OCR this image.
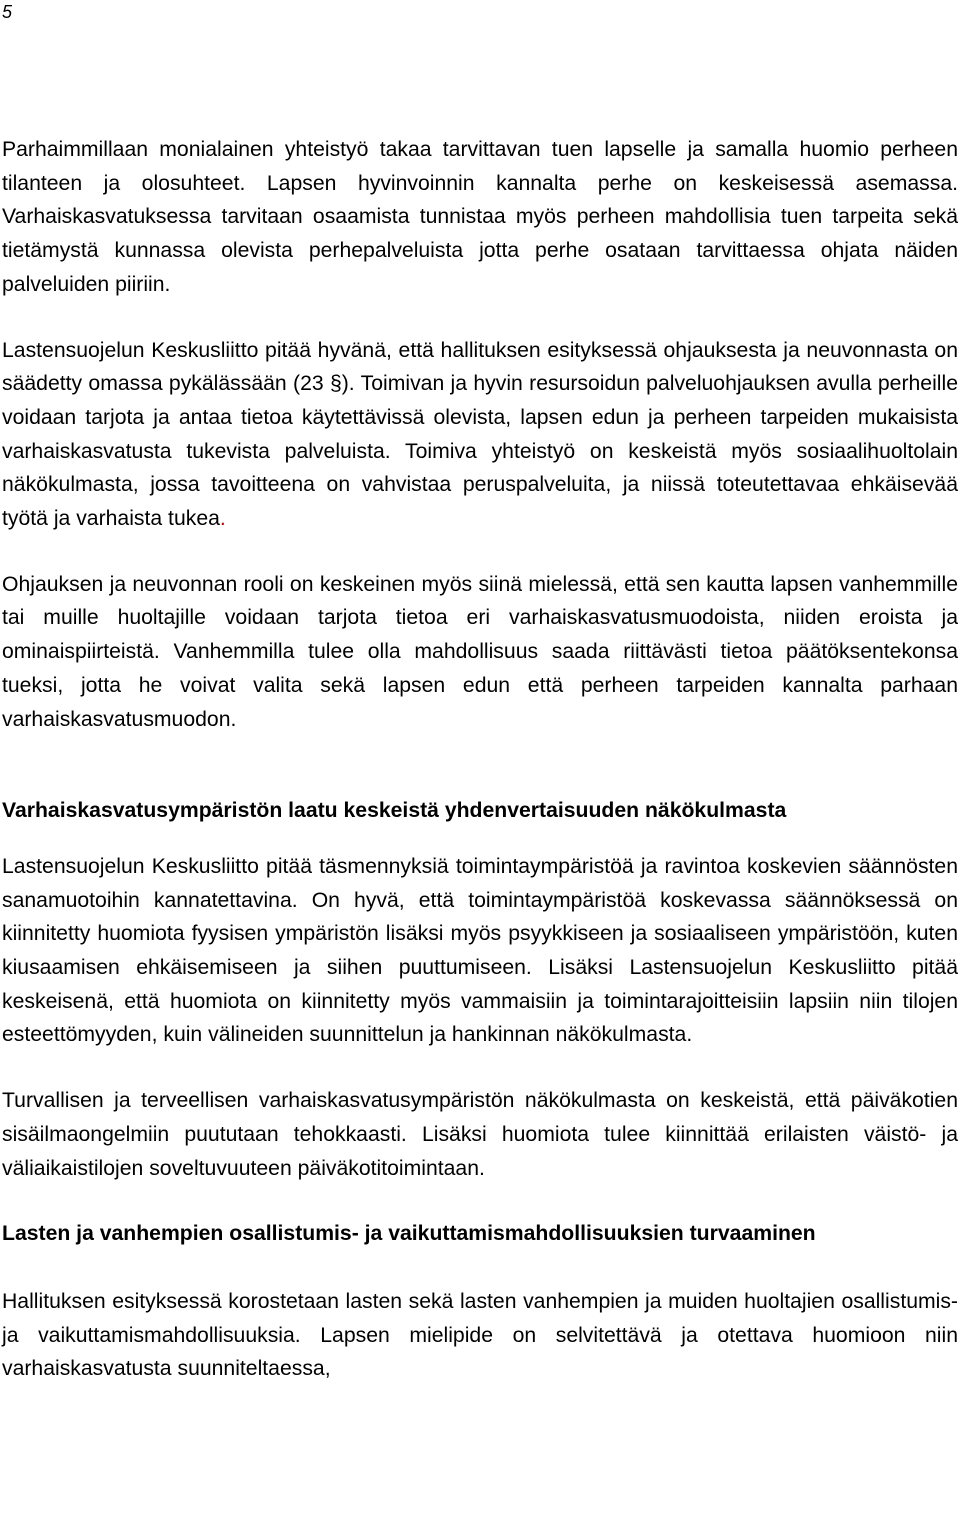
5

Parhaimmillaan monialainen yhteistyö takaa tarvittavan tuen lapselle ja samalla huomio perheen tilanteen ja olosuhteet. Lapsen hyvinvoinnin kannalta perhe on keskeisessä asemassa. Varhaiskasvatuksessa tarvitaan osaamista tunnistaa myös perheen mahdollisia tuen tarpeita sekä tietämystä kunnassa olevista perhepalveluista jotta perhe osataan tarvittaessa ohjata näiden palveluiden piiriin.

Lastensuojelun Keskusliitto pitää hyvänä, että hallituksen esityksessä ohjauksesta ja neuvonnasta on säädetty omassa pykälässään (23 §). Toimivan ja hyvin resursoidun palveluohjauksen avulla perheille voidaan tarjota ja antaa tietoa käytettävissä olevista, lapsen edun ja perheen tarpeiden mukaisista varhaiskasvatusta tukevista palveluista. Toimiva yhteistyö on keskeistä myös sosiaalihuoltolain näkökulmasta, jossa tavoitteena on vahvistaa peruspalveluita, ja niissä toteutettavaa ehkäisevää työtä ja varhaista tukea.

Ohjauksen ja neuvonnan rooli on keskeinen myös siinä mielessä, että sen kautta lapsen vanhemmille tai muille huoltajille voidaan tarjota tietoa eri varhaiskasvatusmuodoista, niiden eroista ja ominaispiirteistä. Vanhemmilla tulee olla mahdollisuus saada riittävästi tietoa päätöksentekonsa tueksi, jotta he voivat valita sekä lapsen edun että perheen tarpeiden kannalta parhaan varhaiskasvatusmuodon.

Varhaiskasvatusympäristön laatu keskeistä yhdenvertaisuuden näkökulmasta

Lastensuojelun Keskusliitto pitää täsmennyksiä toimintaympäristöä ja ravintoa koskevien säännösten sanamuotoihin kannatettavina. On hyvä, että toimintaympäristöä koskevassa säännöksessä on kiinnitetty huomiota fyysisen ympäristön lisäksi myös psyykkiseen ja sosiaaliseen ympäristöön, kuten kiusaamisen ehkäisemiseen ja siihen puuttumiseen. Lisäksi Lastensuojelun Keskusliitto pitää keskeisenä, että huomiota on kiinnitetty myös vammaisiin ja toimintarajoitteisiin lapsiin niin tilojen esteettömyyden, kuin välineiden suunnittelun ja hankinnan näkökulmasta.

Turvallisen ja terveellisen varhaiskasvatusympäristön näkökulmasta on keskeistä, että päiväkotien sisäilmaongelmiin puututaan tehokkaasti. Lisäksi huomiota tulee kiinnittää erilaisten väistö- ja väliaikaistilojen soveltuvuuteen päiväkotitoimintaan.

Lasten ja vanhempien osallistumis- ja vaikuttamismahdollisuuksien turvaaminen

Hallituksen esityksessä korostetaan lasten sekä lasten vanhempien ja muiden huoltajien osallistumis- ja vaikuttamismahdollisuuksia. Lapsen mielipide on selvitettävä ja otettava huomioon niin varhaiskasvatusta suunniteltaessa,
